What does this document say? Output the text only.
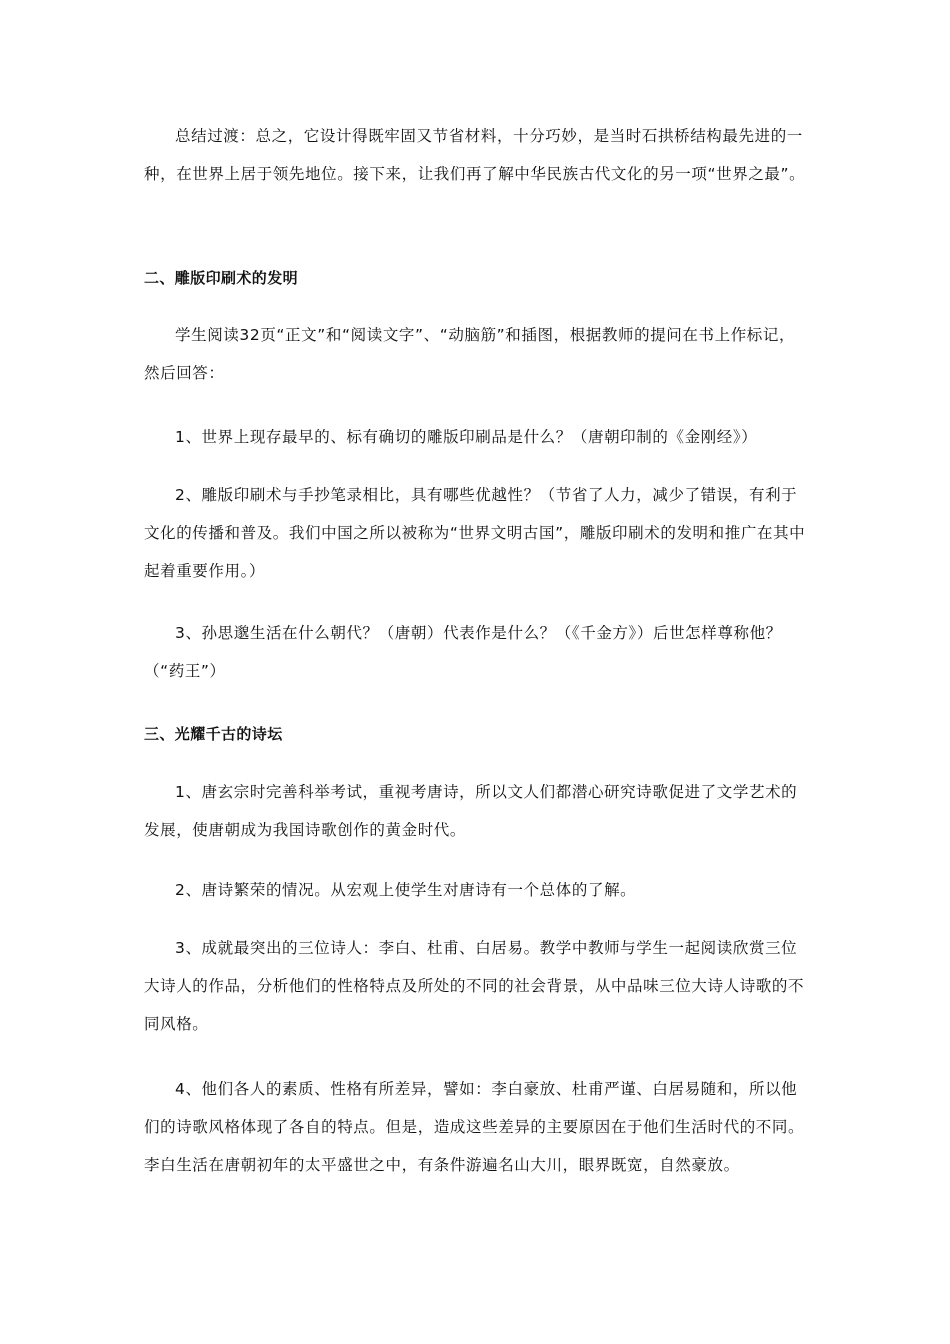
总结过渡：总之，它设计得既牢固又节省材料，十分巧妙，是当时石拱桥结构最先进的一种，在世界上居于领先地位。接下来，让我们再了解中华民族古代文化的另一项“世界之最”。

二、雕版印刷术的发明

学生阅读32页“正文”和“阅读文字”、“动脑筋”和插图，根据教师的提问在书上作标记，然后回答：

1、世界上现存最早的、标有确切的雕版印刷品是什么？（唐朝印制的《金刚经》）

2、雕版印刷术与手抄笔录相比，具有哪些优越性？（节省了人力，减少了错误，有利于文化的传播和普及。我们中国之所以被称为“世界文明古国”，雕版印刷术的发明和推广在其中起着重要作用。）

3、孙思邈生活在什么朝代？（唐朝）代表作是什么？（《千金方》）后世怎样尊称他？（“药王”）

三、光耀千古的诗坛

1、唐玄宗时完善科举考试，重视考唐诗，所以文人们都潜心研究诗歌促进了文学艺术的发展，使唐朝成为我国诗歌创作的黄金时代。

2、唐诗繁荣的情况。从宏观上使学生对唐诗有一个总体的了解。

3、成就最突出的三位诗人：李白、杜甫、白居易。教学中教师与学生一起阅读欣赏三位大诗人的作品，分析他们的性格特点及所处的不同的社会背景，从中品味三位大诗人诗歌的不同风格。

4、他们各人的素质、性格有所差异，譬如：李白豪放、杜甫严谨、白居易随和，所以他们的诗歌风格体现了各自的特点。但是，造成这些差异的主要原因在于他们生活时代的不同。李白生活在唐朝初年的太平盛世之中，有条件游遍名山大川，眼界既宽，自然豪放。
